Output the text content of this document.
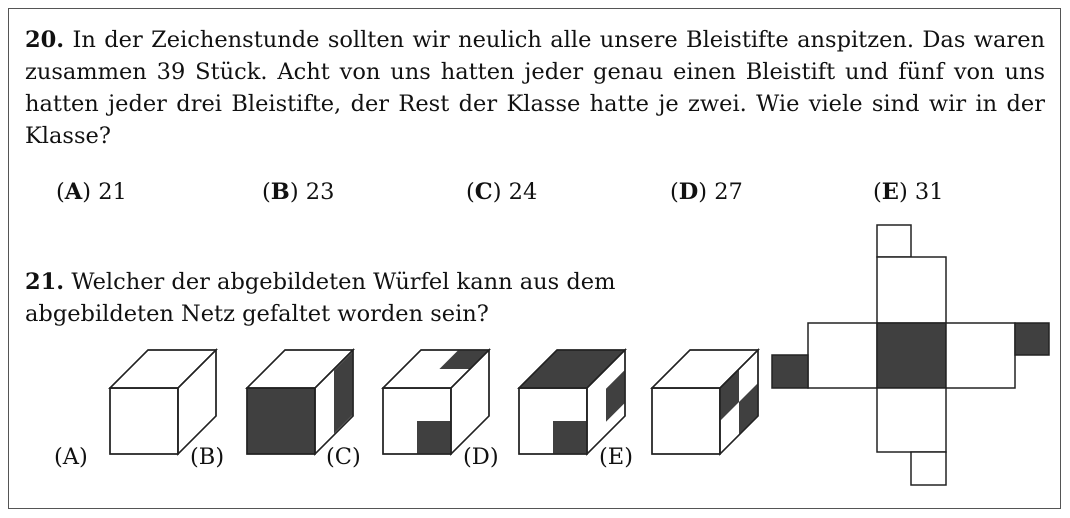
20. In der Zeichenstunde sollten wir neulich alle unsere Bleistifte anspitzen. Das waren zusammen 39 Stück. Acht von uns hatten jeder genau einen Bleistift und fünf von uns hatten jeder drei Bleistifte, der Rest der Klasse hatte je zwei. Wie viele sind wir in der Klasse?
(A) 21	(B) 23	(C) 24	(D) 27	(E) 31
21. Welcher der abgebildeten Würfel kann aus dem
abgebildeten Netz gefaltet worden sein?
(A)	(B)	(C)	(D)	(E)
